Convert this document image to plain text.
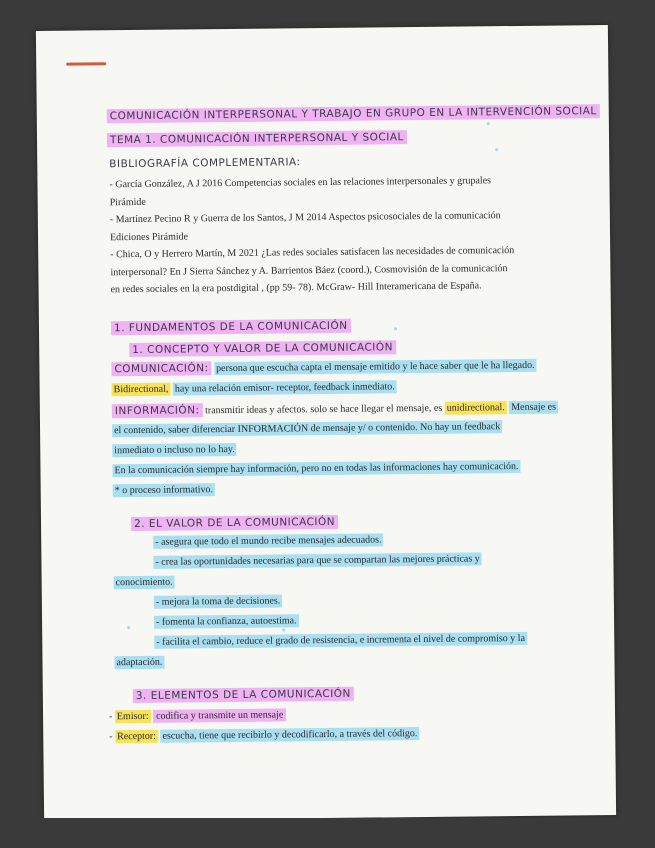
COMUNICACIÓN INTERPERSONAL Y TRABAJO EN GRUPO EN LA INTERVENCIÓN SOCIAL
TEMA 1. COMUNICACIÓN INTERPERSONAL Y SOCIAL
BIBLIOGRAFÍA COMPLEMENTARIA:
- García González, A J 2016 Competencias sociales en las relaciones interpersonales y grupales
Pirámide
- Martínez Pecino R y Guerra de los Santos, J M 2014 Aspectos psicosociales de la comunicación
Ediciones Pirámide
- Chica, O y Herrero Martín, M 2021 ¿Las redes sociales satisfacen las necesidades de comunicación
interpersonal? En J Sierra Sánchez y A. Barrientos Báez (coord.), Cosmovisión de la comunicación
en redes sociales en la era postdigital , (pp 59- 78). McGraw- Hill Interamericana de España.
1. FUNDAMENTOS DE LA COMUNICACIÓN
1. CONCEPTO Y VALOR DE LA COMUNICACIÓN
COMUNICACIÓN: persona que escucha capta el mensaje emitido y le hace saber que le ha llegado.
Bidirectional, hay una relación emisor- receptor, feedback inmediato.
INFORMACIÓN: transmitir ideas y afectos. solo se hace llegar el mensaje, es unidirectional. Mensaje es
el contenido, saber diferenciar INFORMACIÓN de mensaje y/ o contenido. No hay un feedback
inmediato o incluso no lo hay.
En la comunicación siempre hay información, pero no en todas las informaciones hay comunicación.
* o proceso informativo.
2. EL VALOR DE LA COMUNICACIÓN
- asegura que todo el mundo recibe mensajes adecuados.
- crea las oportunidades necesarias para que se compartan las mejores prácticas y
conocimiento.
- mejora la toma de decisiones.
- fomenta la confianza, autoestima.
- facilita el cambio, reduce el grado de resistencia, e incrementa el nivel de compromiso y la
adaptación.
3. ELEMENTOS DE LA COMUNICACIÓN
- Emisor: codifica y transmite un mensaje
- Receptor: escucha, tiene que recibirlo y decodificarlo, a través del código.
